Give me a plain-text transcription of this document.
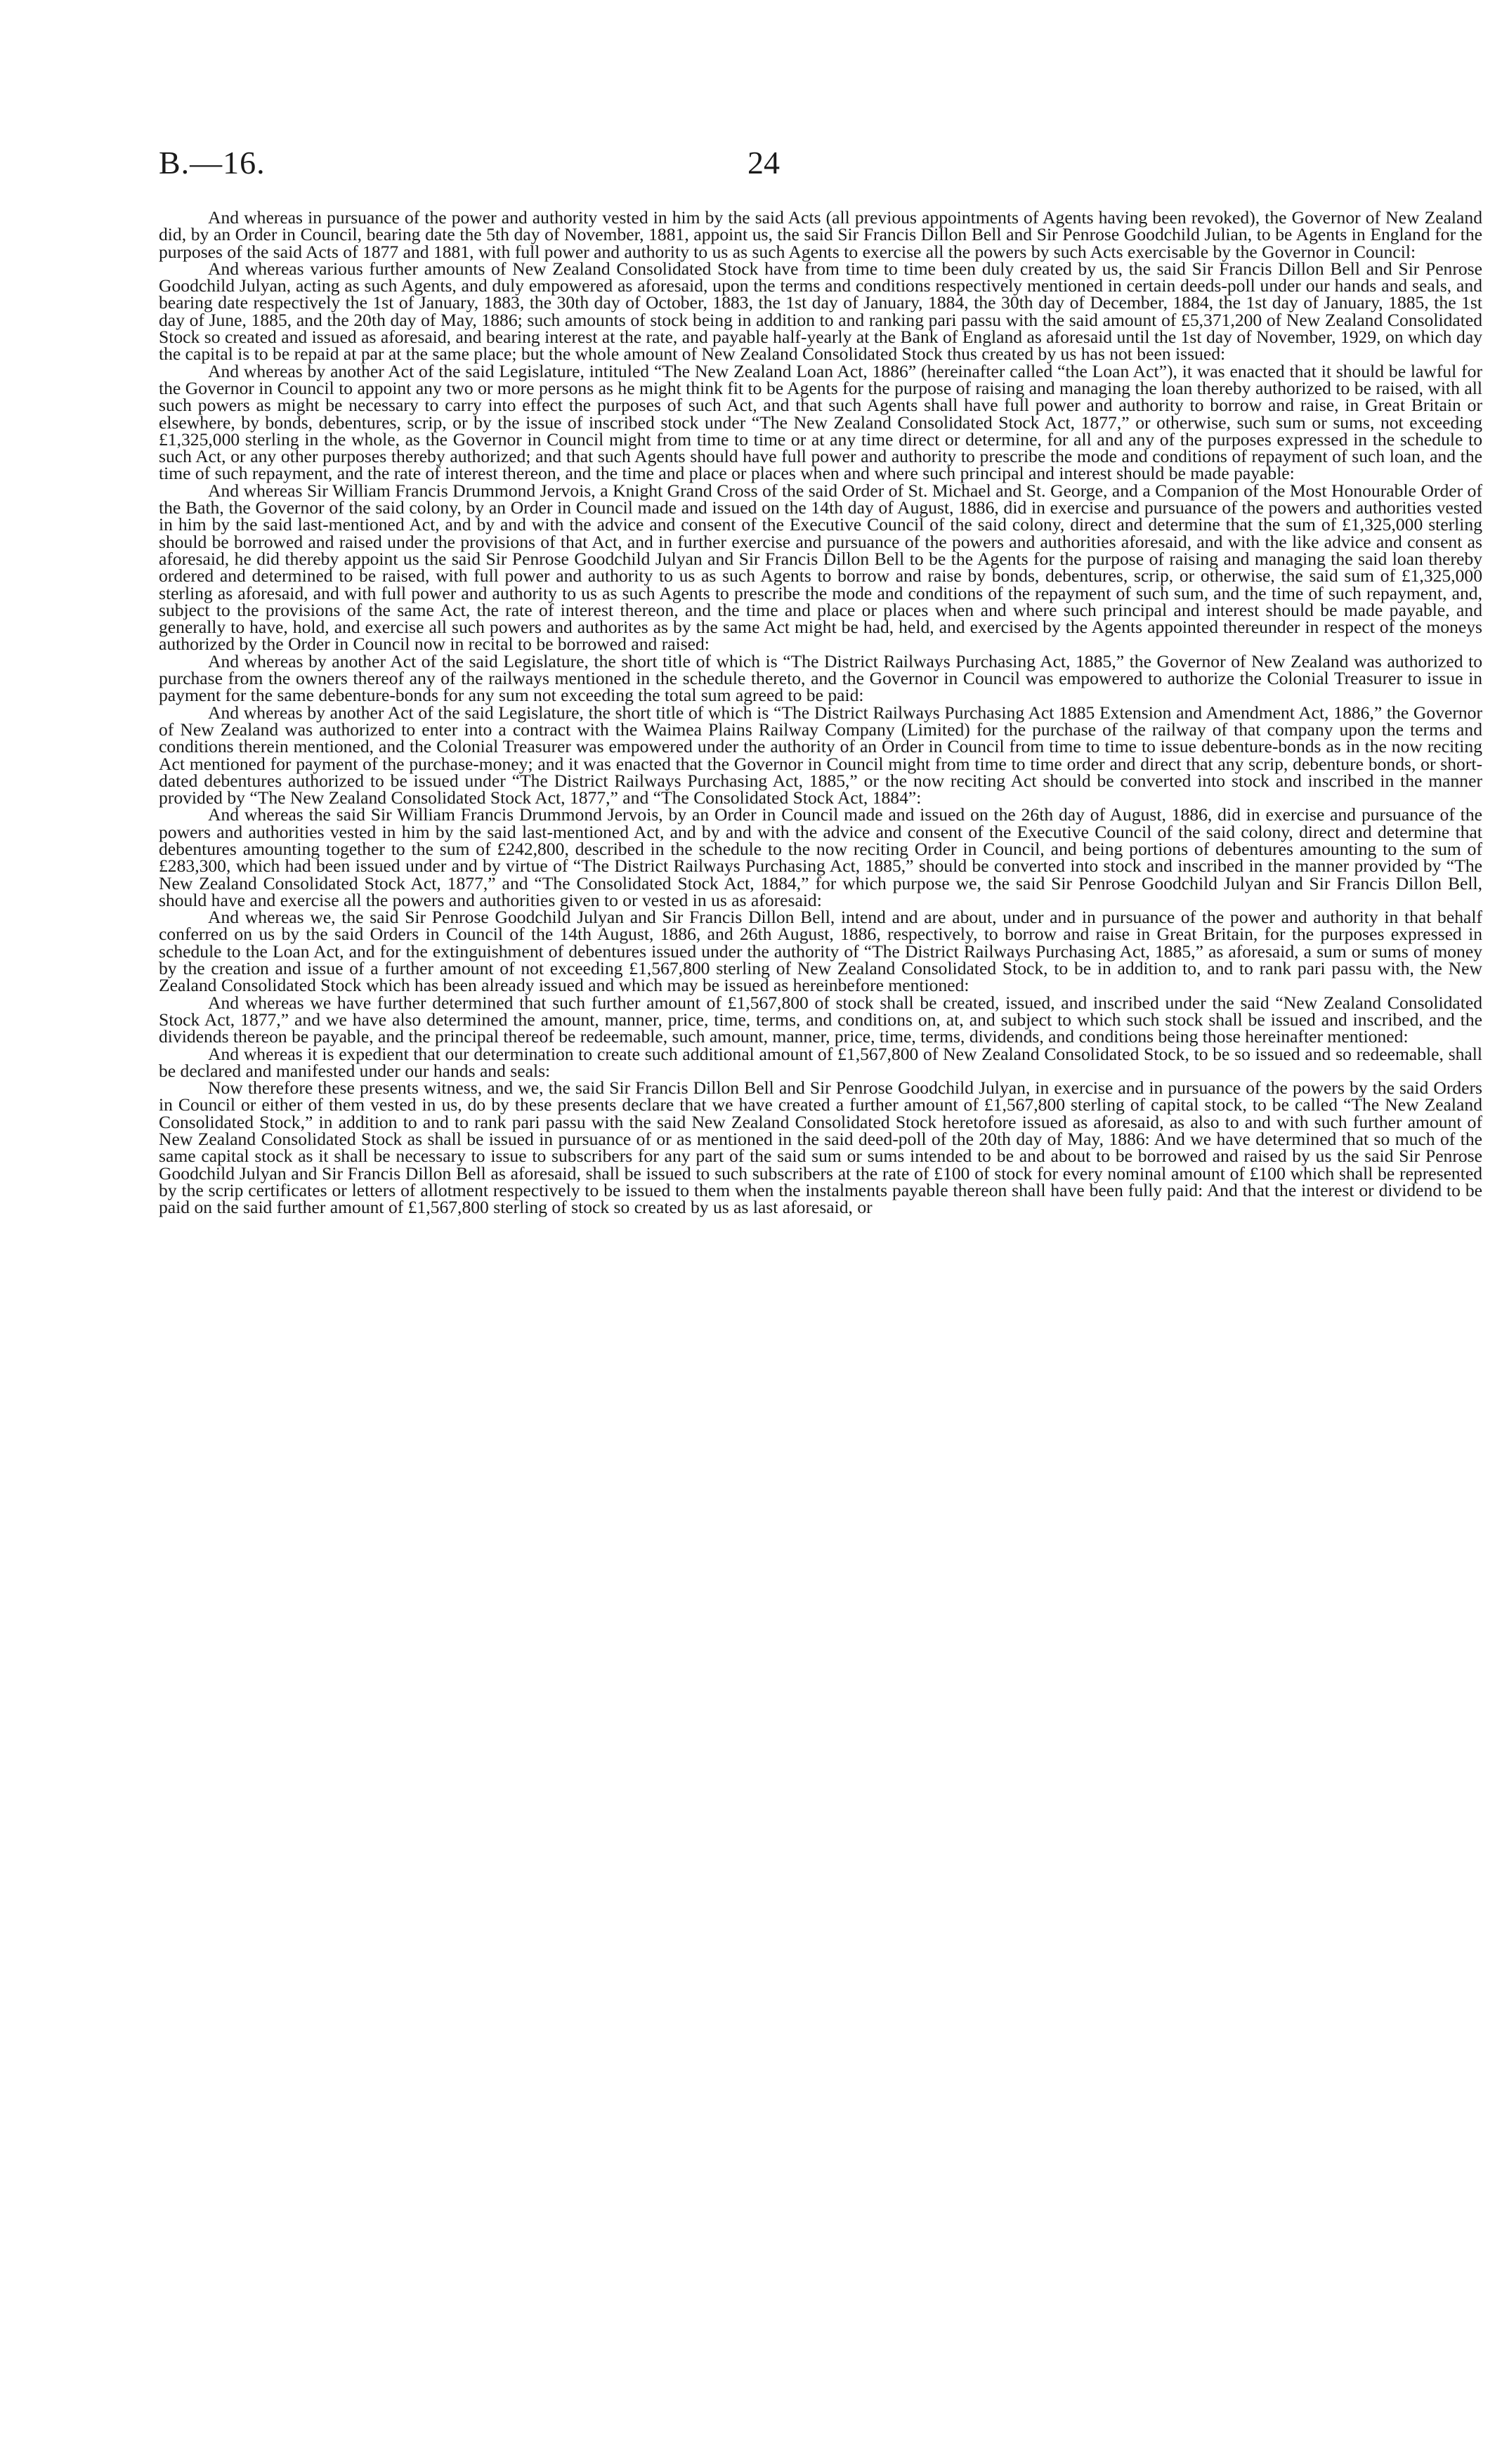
B.—16.	24

And whereas in pursuance of the power and authority vested in him by the said Acts (all previous appointments of Agents having been revoked), the Governor of New Zealand did, by an Order in Council, bearing date the 5th day of November, 1881, appoint us, the said Sir Francis Dillon Bell and Sir Penrose Goodchild Julian, to be Agents in England for the purposes of the said Acts of 1877 and 1881, with full power and authority to us as such Agents to exercise all the powers by such Acts exercisable by the Governor in Council:

And whereas various further amounts of New Zealand Consolidated Stock have from time to time been duly created by us, the said Sir Francis Dillon Bell and Sir Penrose Goodchild Julyan, acting as such Agents, and duly empowered as aforesaid, upon the terms and conditions respectively mentioned in certain deeds-poll under our hands and seals, and bearing date respectively the 1st of January, 1883, the 30th day of October, 1883, the 1st day of January, 1884, the 30th day of December, 1884, the 1st day of January, 1885, the 1st day of June, 1885, and the 20th day of May, 1886; such amounts of stock being in addition to and ranking pari passu with the said amount of £5,371,200 of New Zealand Consolidated Stock so created and issued as aforesaid, and bearing interest at the rate, and payable half-yearly at the Bank of England as aforesaid until the 1st day of November, 1929, on which day the capital is to be repaid at par at the same place; but the whole amount of New Zealand Consolidated Stock thus created by us has not been issued:

And whereas by another Act of the said Legislature, intituled “The New Zealand Loan Act, 1886” (hereinafter called “the Loan Act”), it was enacted that it should be lawful for the Governor in Council to appoint any two or more persons as he might think fit to be Agents for the purpose of raising and managing the loan thereby authorized to be raised, with all such powers as might be necessary to carry into effect the purposes of such Act, and that such Agents shall have full power and authority to borrow and raise, in Great Britain or elsewhere, by bonds, debentures, scrip, or by the issue of inscribed stock under “The New Zealand Consolidated Stock Act, 1877,” or otherwise, such sum or sums, not exceeding £1,325,000 sterling in the whole, as the Governor in Council might from time to time or at any time direct or determine, for all and any of the purposes expressed in the schedule to such Act, or any other purposes thereby authorized; and that such Agents should have full power and authority to prescribe the mode and conditions of repayment of such loan, and the time of such repayment, and the rate of interest thereon, and the time and place or places when and where such principal and interest should be made payable:

And whereas Sir William Francis Drummond Jervois, a Knight Grand Cross of the said Order of St. Michael and St. George, and a Companion of the Most Honourable Order of the Bath, the Governor of the said colony, by an Order in Council made and issued on the 14th day of August, 1886, did in exercise and pursuance of the powers and authorities vested in him by the said last-mentioned Act, and by and with the advice and consent of the Executive Council of the said colony, direct and determine that the sum of £1,325,000 sterling should be borrowed and raised under the provisions of that Act, and in further exercise and pursuance of the powers and authorities aforesaid, and with the like advice and consent as aforesaid, he did thereby appoint us the said Sir Penrose Goodchild Julyan and Sir Francis Dillon Bell to be the Agents for the purpose of raising and managing the said loan thereby ordered and determined to be raised, with full power and authority to us as such Agents to borrow and raise by bonds, debentures, scrip, or otherwise, the said sum of £1,325,000 sterling as aforesaid, and with full power and authority to us as such Agents to prescribe the mode and conditions of the repayment of such sum, and the time of such repayment, and, subject to the provisions of the same Act, the rate of interest thereon, and the time and place or places when and where such principal and interest should be made payable, and generally to have, hold, and exercise all such powers and authorites as by the same Act might be had, held, and exercised by the Agents appointed thereunder in respect of the moneys authorized by the Order in Council now in recital to be borrowed and raised:

And whereas by another Act of the said Legislature, the short title of which is “The District Railways Purchasing Act, 1885,” the Governor of New Zealand was authorized to purchase from the owners thereof any of the railways mentioned in the schedule thereto, and the Governor in Council was empowered to authorize the Colonial Treasurer to issue in payment for the same debenture-bonds for any sum not exceeding the total sum agreed to be paid:

And whereas by another Act of the said Legislature, the short title of which is “The District Railways Purchasing Act 1885 Extension and Amendment Act, 1886,” the Governor of New Zealand was authorized to enter into a contract with the Waimea Plains Railway Company (Limited) for the purchase of the railway of that company upon the terms and conditions therein mentioned, and the Colonial Treasurer was empowered under the authority of an Order in Council from time to time to issue debenture-bonds as in the now reciting Act mentioned for payment of the purchase-money; and it was enacted that the Governor in Council might from time to time order and direct that any scrip, debenture bonds, or short-dated debentures authorized to be issued under “The District Railways Purchasing Act, 1885,” or the now reciting Act should be converted into stock and inscribed in the manner provided by “The New Zealand Consolidated Stock Act, 1877,” and “The Consolidated Stock Act, 1884”:

And whereas the said Sir William Francis Drummond Jervois, by an Order in Council made and issued on the 26th day of August, 1886, did in exercise and pursuance of the powers and authorities vested in him by the said last-mentioned Act, and by and with the advice and consent of the Executive Council of the said colony, direct and determine that debentures amounting together to the sum of £242,800, described in the schedule to the now reciting Order in Council, and being portions of debentures amounting to the sum of £283,300, which had been issued under and by virtue of “The District Railways Purchasing Act, 1885,” should be converted into stock and inscribed in the manner provided by “The New Zealand Consolidated Stock Act, 1877,” and “The Consolidated Stock Act, 1884,” for which purpose we, the said Sir Penrose Goodchild Julyan and Sir Francis Dillon Bell, should have and exercise all the powers and authorities given to or vested in us as aforesaid:

And whereas we, the said Sir Penrose Goodchild Julyan and Sir Francis Dillon Bell, intend and are about, under and in pursuance of the power and authority in that behalf conferred on us by the said Orders in Council of the 14th August, 1886, and 26th August, 1886, respectively, to borrow and raise in Great Britain, for the purposes expressed in schedule to the Loan Act, and for the extinguishment of debentures issued under the authority of “The District Railways Purchasing Act, 1885,” as aforesaid, a sum or sums of money by the creation and issue of a further amount of not exceeding £1,567,800 sterling of New Zealand Consolidated Stock, to be in addition to, and to rank pari passu with, the New Zealand Consolidated Stock which has been already issued and which may be issued as hereinbefore mentioned:

And whereas we have further determined that such further amount of £1,567,800 of stock shall be created, issued, and inscribed under the said “New Zealand Consolidated Stock Act, 1877,” and we have also determined the amount, manner, price, time, terms, and conditions on, at, and subject to which such stock shall be issued and inscribed, and the dividends thereon be payable, and the principal thereof be redeemable, such amount, manner, price, time, terms, dividends, and conditions being those hereinafter mentioned:

And whereas it is expedient that our determination to create such additional amount of £1,567,800 of New Zealand Consolidated Stock, to be so issued and so redeemable, shall be declared and manifested under our hands and seals:

Now therefore these presents witness, and we, the said Sir Francis Dillon Bell and Sir Penrose Goodchild Julyan, in exercise and in pursuance of the powers by the said Orders in Council or either of them vested in us, do by these presents declare that we have created a further amount of £1,567,800 sterling of capital stock, to be called “The New Zealand Consolidated Stock,” in addition to and to rank pari passu with the said New Zealand Consolidated Stock heretofore issued as aforesaid, as also to and with such further amount of New Zealand Consolidated Stock as shall be issued in pursuance of or as mentioned in the said deed-poll of the 20th day of May, 1886: And we have determined that so much of the same capital stock as it shall be necessary to issue to subscribers for any part of the said sum or sums intended to be and about to be borrowed and raised by us the said Sir Penrose Goodchild Julyan and Sir Francis Dillon Bell as aforesaid, shall be issued to such subscribers at the rate of £100 of stock for every nominal amount of £100 which shall be represented by the scrip certificates or letters of allotment respectively to be issued to them when the instalments payable thereon shall have been fully paid: And that the interest or dividend to be paid on the said further amount of £1,567,800 sterling of stock so created by us as last aforesaid, or
